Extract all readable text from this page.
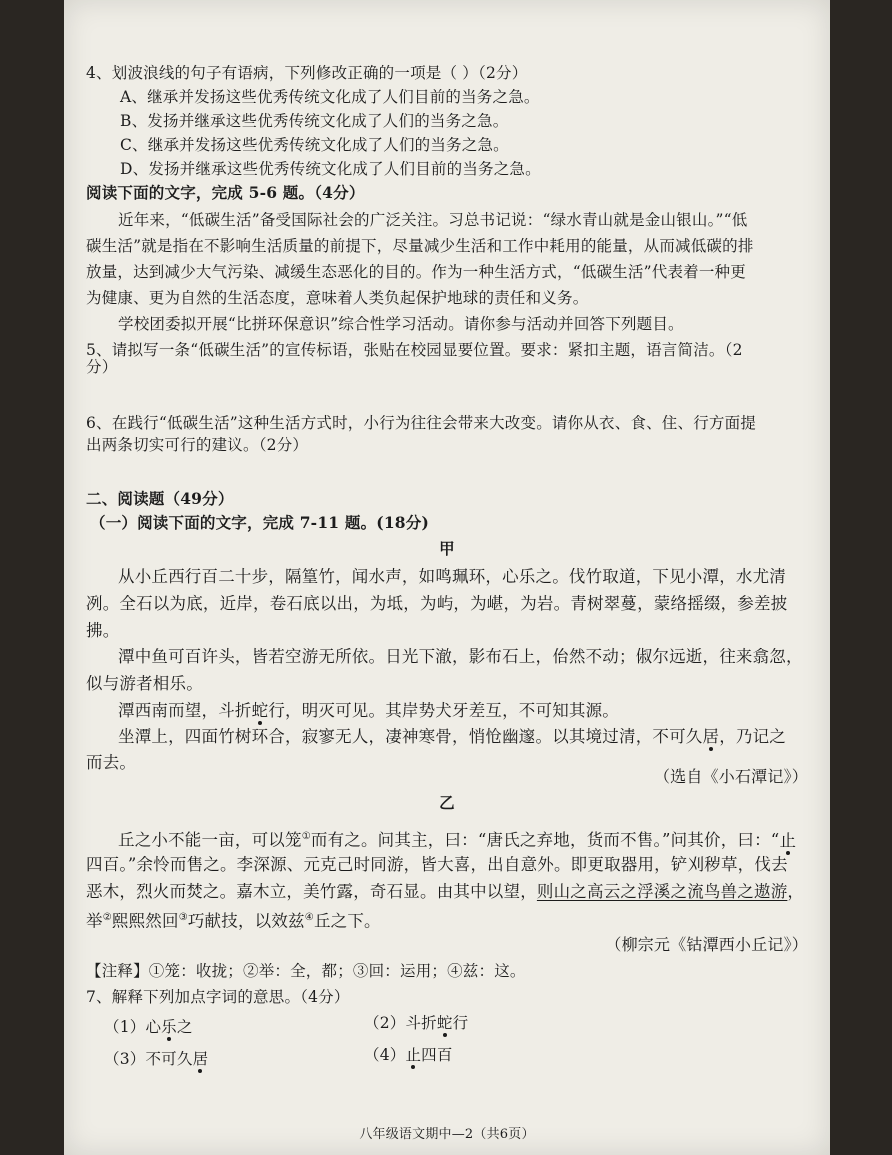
4、划波浪线的句子有语病，下列修改正确的一项是（ ）（2分）
A、继承并发扬这些优秀传统文化成了人们目前的当务之急。
B、发扬并继承这些优秀传统文化成了人们的当务之急。
C、继承并发扬这些优秀传统文化成了人们的当务之急。
D、发扬并继承这些优秀传统文化成了人们目前的当务之急。
阅读下面的文字，完成 5-6 题。（4分）
近年来，“低碳生活”备受国际社会的广泛关注。习总书记说：“绿水青山就是金山银山。”“低
碳生活”就是指在不影响生活质量的前提下，尽量减少生活和工作中耗用的能量，从而减低碳的排
放量，达到减少大气污染、减缓生态恶化的目的。作为一种生活方式，“低碳生活”代表着一种更
为健康、更为自然的生活态度，意味着人类负起保护地球的责任和义务。
学校团委拟开展“比拼环保意识”综合性学习活动。请你参与活动并回答下列题目。
5、请拟写一条“低碳生活”的宣传标语，张贴在校园显要位置。要求：紧扣主题，语言简洁。（2
分）
6、在践行“低碳生活”这种生活方式时，小行为往往会带来大改变。请你从衣、食、住、行方面提
出两条切实可行的建议。（2分）
二、阅读题（49分）
（一）阅读下面的文字，完成 7-11 题。(18分)
甲
从小丘西行百二十步，隔篁竹，闻水声，如鸣珮环，心乐之。伐竹取道，下见小潭，水尤清
冽。全石以为底，近岸，卷石底以出，为坻，为屿，为嵁，为岩。青树翠蔓，蒙络摇缀，参差披
拂。
潭中鱼可百许头，皆若空游无所依。日光下澈，影布石上，佁然不动；俶尔远逝，往来翕忽，
似与游者相乐。
潭西南而望，斗折蛇行，明灭可见。其岸势犬牙差互，不可知其源。
坐潭上，四面竹树环合，寂寥无人，凄神寒骨，悄怆幽邃。以其境过清，不可久居，乃记之
而去。
（选自《小石潭记》）
乙
丘之小不能一亩，可以笼①而有之。问其主，曰：“唐氏之弃地，货而不售。”问其价，曰：“止
四百。”余怜而售之。李深源、元克己时同游，皆大喜，出自意外。即更取器用，铲刈秽草，伐去
恶木，烈火而焚之。嘉木立，美竹露，奇石显。由其中以望，则山之高云之浮溪之流鸟兽之遨游，
举②熙熙然回③巧献技，以效兹④丘之下。
（柳宗元《钴潭西小丘记》）
【注释】①笼：收拢；②举：全，都；③回：运用；④兹：这。
7、解释下列加点字词的意思。（4分）
（1）心乐之	（2）斗折蛇行
（3）不可久居	（4）止四百
八年级语文期中—2（共6页）
